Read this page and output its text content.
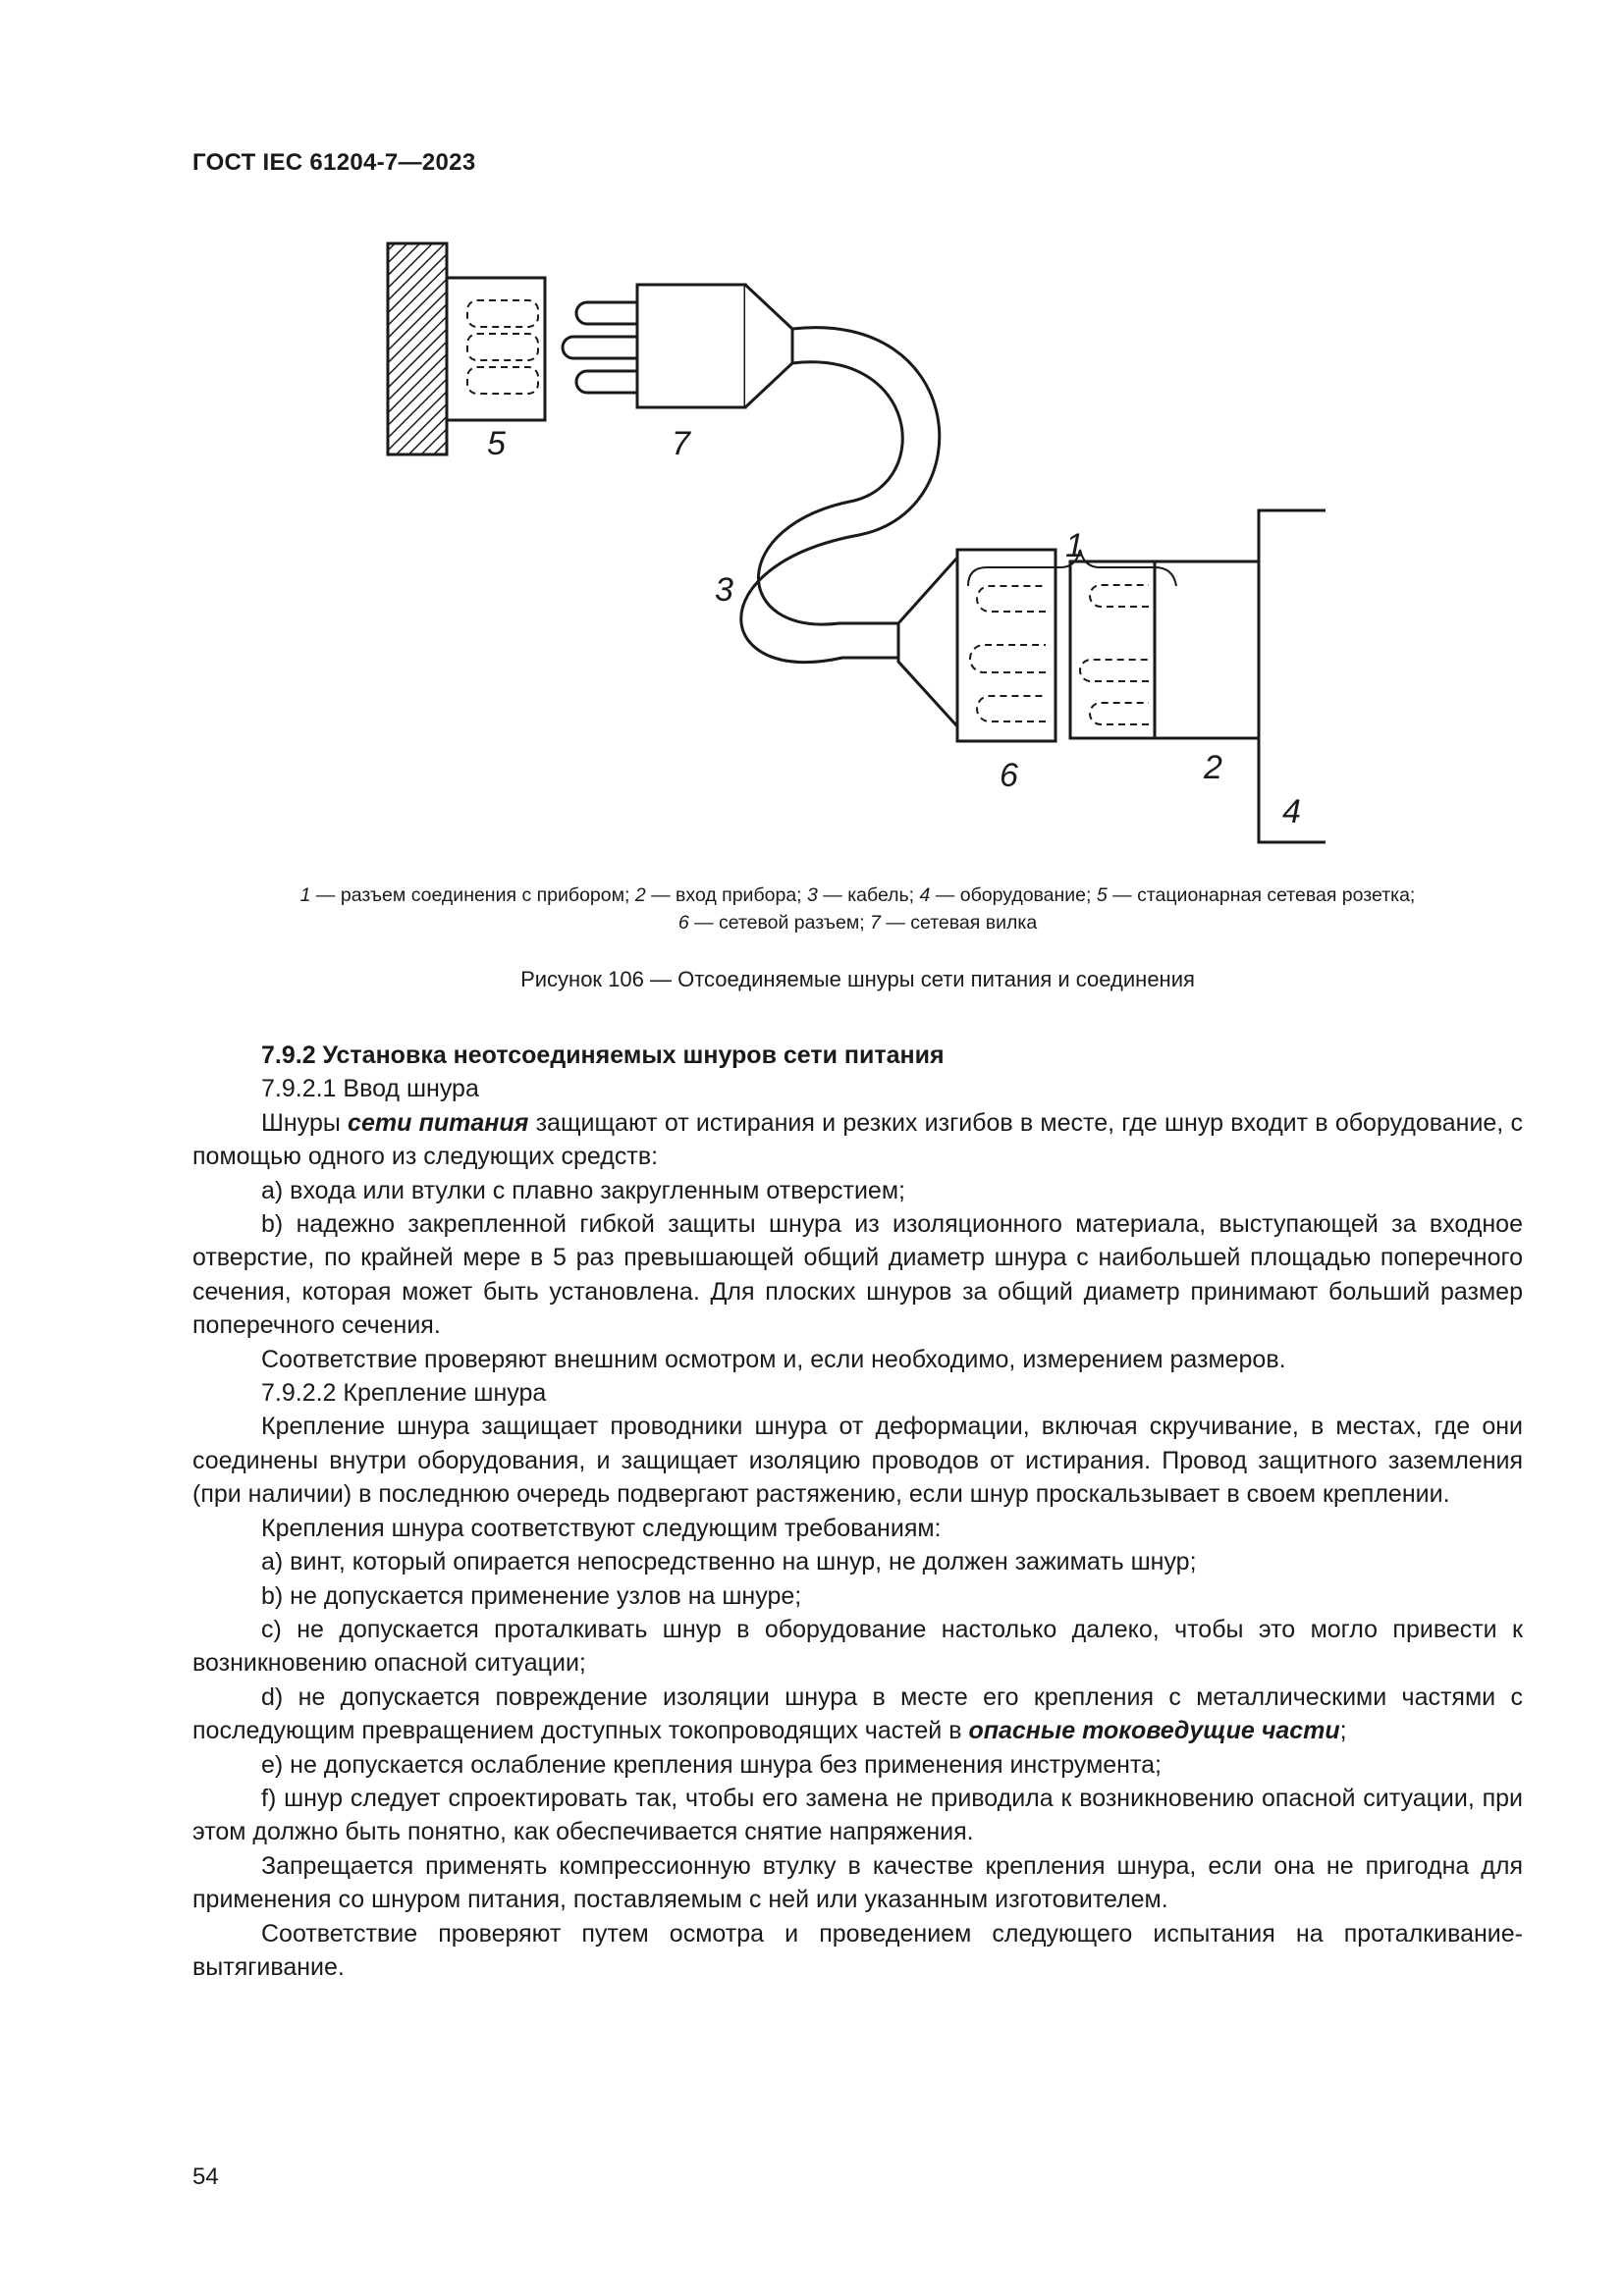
ГОСТ IEC 61204-7—2023
1
2
3
4
5
6
7
1 — разъем соединения с прибором; 2 — вход прибора; 3 — кабель; 4 — оборудование; 5 — стационарная сетевая розетка;
6 — сетевой разъем; 7 — сетевая вилка
Рисунок 106 — Отсоединяемые шнуры сети питания и соединения

7.9.2 Установка неотсоединяемых шнуров сети питания

7.9.2.1 Ввод шнура

Шнуры сети питания защищают от истирания и резких изгибов в месте, где шнур входит в оборудование, с помощью одного из следующих средств:

a) входа или втулки с плавно закругленным отверстием;

b) надежно закрепленной гибкой защиты шнура из изоляционного материала, выступающей за входное отверстие, по крайней мере в 5 раз превышающей общий диаметр шнура с наибольшей площадью поперечного сечения, которая может быть установлена. Для плоских шнуров за общий диаметр принимают больший размер поперечного сечения.

Соответствие проверяют внешним осмотром и, если необходимо, измерением размеров.

7.9.2.2 Крепление шнура

Крепление шнура защищает проводники шнура от деформации, включая скручивание, в местах, где они соединены внутри оборудования, и защищает изоляцию проводов от истирания. Провод защитного заземления (при наличии) в последнюю очередь подвергают растяжению, если шнур проскальзывает в своем креплении.

Крепления шнура соответствуют следующим требованиям:

a) винт, который опирается непосредственно на шнур, не должен зажимать шнур;

b) не допускается применение узлов на шнуре;

c) не допускается проталкивать шнур в оборудование настолько далеко, чтобы это могло привести к возникновению опасной ситуации;

d) не допускается повреждение изоляции шнура в месте его крепления с металлическими частями с последующим превращением доступных токопроводящих частей в опасные токоведущие части;

e) не допускается ослабление крепления шнура без применения инструмента;

f) шнур следует спроектировать так, чтобы его замена не приводила к возникновению опасной ситуации, при этом должно быть понятно, как обеспечивается снятие напряжения.

Запрещается применять компрессионную втулку в качестве крепления шнура, если она не пригодна для применения со шнуром питания, поставляемым с ней или указанным изготовителем.

Соответствие проверяют путем осмотра и проведением следующего испытания на проталкивание-вытягивание.

54
